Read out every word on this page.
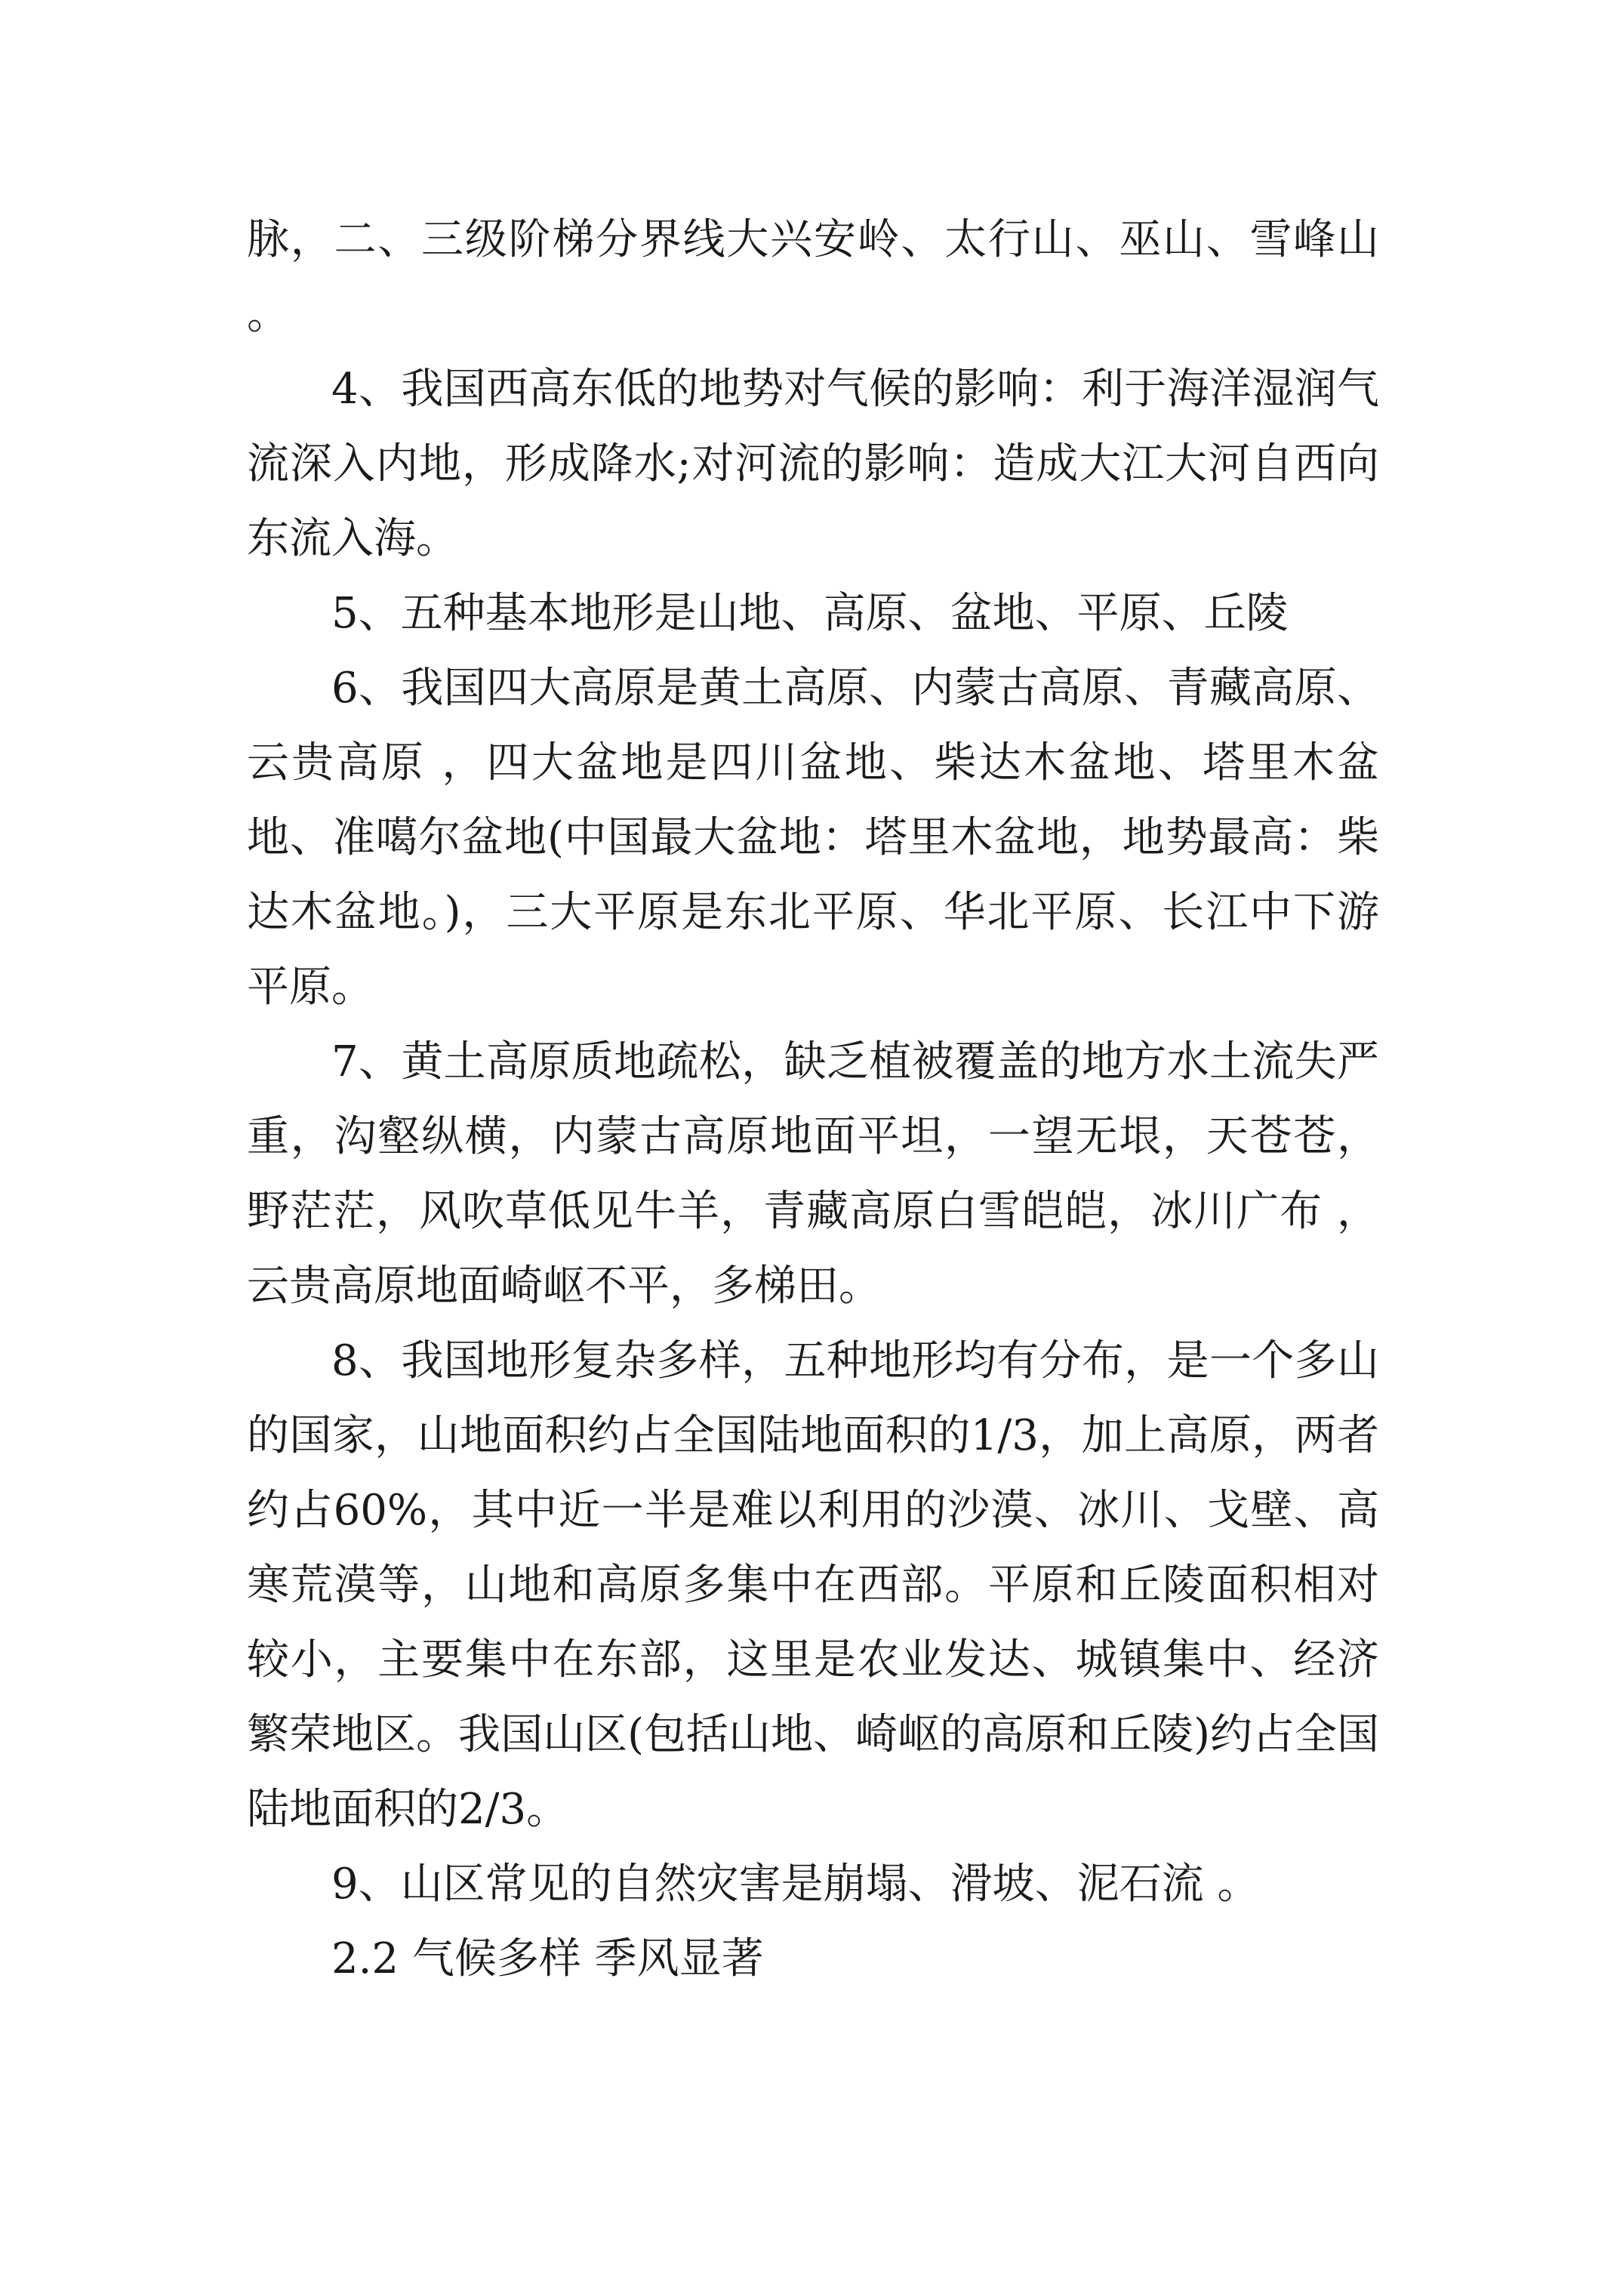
脉，二、三级阶梯分界线大兴安岭、太行山、巫山、雪峰山 。

4、我国西高东低的地势对气候的影响：利于海洋湿润气流深入内地，形成降水;对河流的影响：造成大江大河自西向东流入海。

5、五种基本地形是山地、高原、盆地、平原、丘陵

6、我国四大高原是黄土高原、内蒙古高原、青藏高原、云贵高原 ，四大盆地是四川盆地、柴达木盆地、塔里木盆地、准噶尔盆地(中国最大盆地：塔里木盆地，地势最高：柴达木盆地。)，三大平原是东北平原、华北平原、长江中下游平原。

7、黄土高原质地疏松，缺乏植被覆盖的地方水土流失严重，沟壑纵横，内蒙古高原地面平坦，一望无垠，天苍苍，野茫茫，风吹草低见牛羊，青藏高原白雪皑皑，冰川广布 ，云贵高原地面崎岖不平，多梯田。

8、我国地形复杂多样，五种地形均有分布，是一个多山的国家，山地面积约占全国陆地面积的1/3，加上高原，两者约占60%，其中近一半是难以利用的沙漠、冰川、戈壁、高寒荒漠等，山地和高原多集中在西部。平原和丘陵面积相对较小，主要集中在东部，这里是农业发达、城镇集中、经济繁荣地区。我国山区(包括山地、崎岖的高原和丘陵)约占全国陆地面积的2/3。

9、山区常见的自然灾害是崩塌、滑坡、泥石流 。

2.2 气候多样 季风显著
